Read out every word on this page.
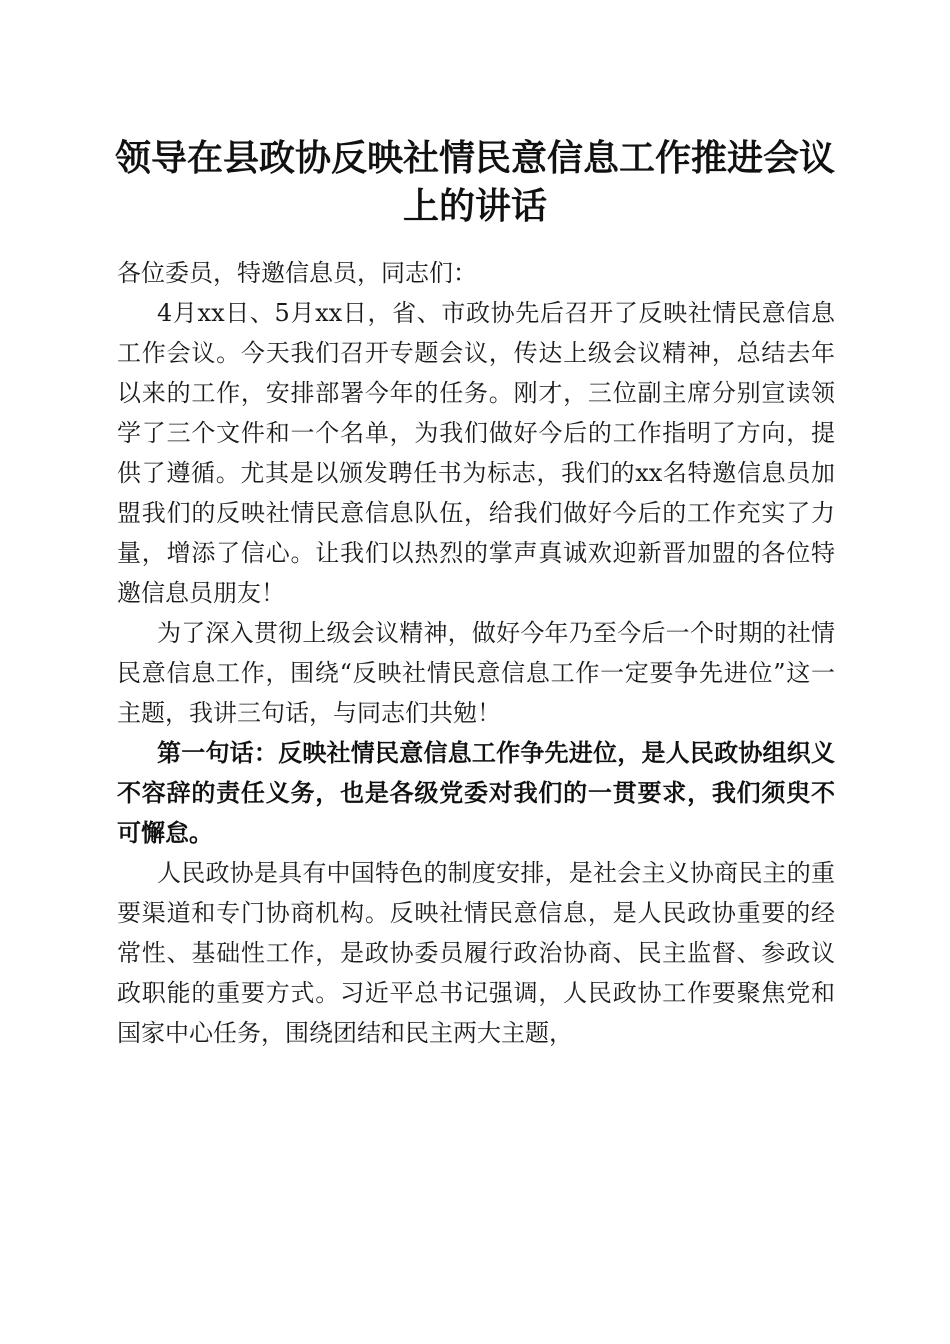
领导在县政协反映社情民意信息工作推进会议
上的讲话

各位委员，特邀信息员，同志们：

4月xx日、5月xx日，省、市政协先后召开了反映社情民意信息工作会议。今天我们召开专题会议，传达上级会议精神，总结去年以来的工作，安排部署今年的任务。刚才，三位副主席分别宣读领学了三个文件和一个名单，为我们做好今后的工作指明了方向，提供了遵循。尤其是以颁发聘任书为标志，我们的xx名特邀信息员加盟我们的反映社情民意信息队伍，给我们做好今后的工作充实了力量，增添了信心。让我们以热烈的掌声真诚欢迎新晋加盟的各位特邀信息员朋友！

为了深入贯彻上级会议精神，做好今年乃至今后一个时期的社情民意信息工作，围绕“反映社情民意信息工作一定要争先进位”这一主题，我讲三句话，与同志们共勉！

第一句话：反映社情民意信息工作争先进位，是人民政协组织义不容辞的责任义务，也是各级党委对我们的一贯要求，我们须臾不可懈怠。

人民政协是具有中国特色的制度安排，是社会主义协商民主的重要渠道和专门协商机构。反映社情民意信息，是人民政协重要的经常性、基础性工作，是政协委员履行政治协商、民主监督、参政议政职能的重要方式。习近平总书记强调，人民政协工作要聚焦党和国家中心任务，围绕团结和民主两大主题，
